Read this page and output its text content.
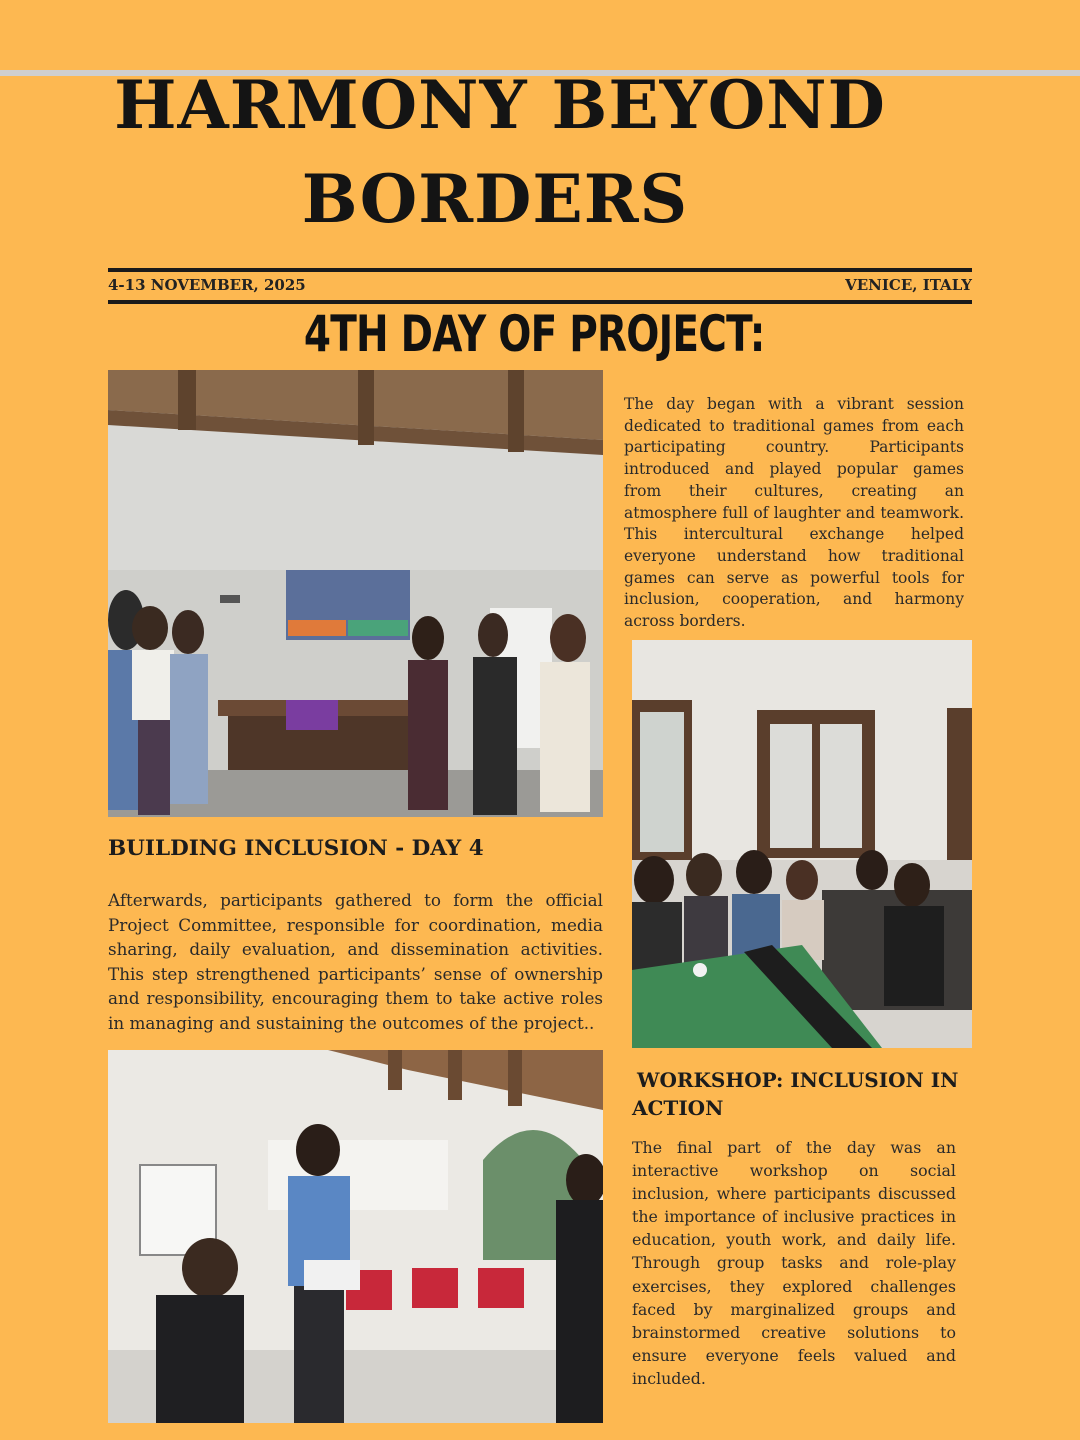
HARMONY BEYOND
BORDERS
4-13 NOVEMBER, 2025	VENICE, ITALY
4TH DAY OF PROJECT:

The day began with a vibrant session dedicated to traditional games from each participating country. Participants introduced and played popular games from their cultures, creating an atmosphere full of laughter and teamwork. This intercultural exchange helped everyone understand how traditional games can serve as powerful tools for inclusion, cooperation, and harmony across borders.

BUILDING INCLUSION - DAY 4

Afterwards, participants gathered to form the official Project Committee, responsible for coordination, media sharing, daily evaluation, and dissemination activities. This step strengthened participants’ sense of ownership and responsibility, encouraging them to take active roles in managing and sustaining the outcomes of the project..

WORKSHOP: INCLUSION IN
ACTION

The final part of the day was an interactive workshop on social inclusion, where participants discussed the importance of inclusive practices in education, youth work, and daily life. Through group tasks and role-play exercises, they explored challenges faced by marginalized groups and brainstormed creative solutions to ensure everyone feels valued and included.
